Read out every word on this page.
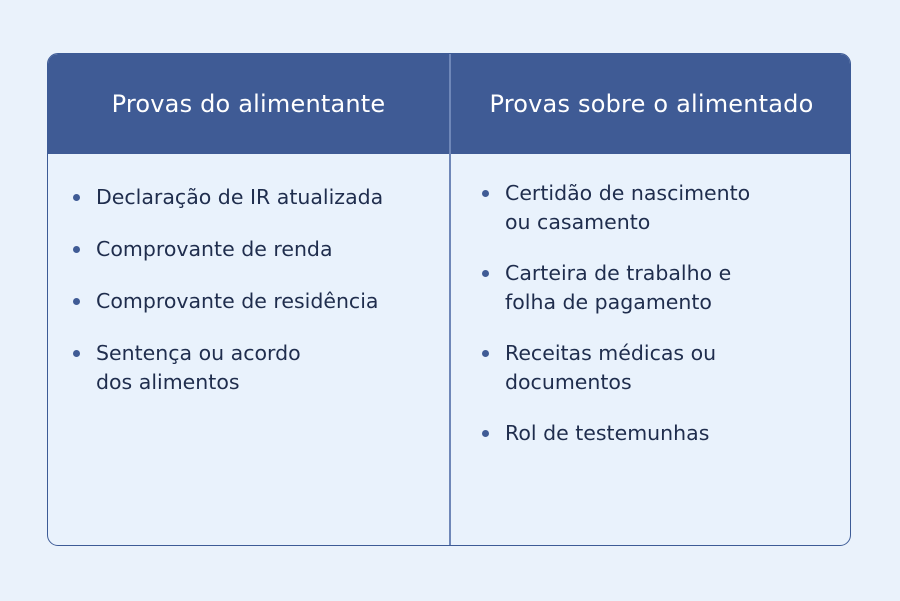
Provas do alimentante	Provas sobre o alimentado
Declaração de IR atualizada
Comprovante de renda
Comprovante de residência
Sentença ou acordo
dos alimentos
Certidão de nascimento
ou casamento
Carteira de trabalho e
folha de pagamento
Receitas médicas ou
documentos
Rol de testemunhas
